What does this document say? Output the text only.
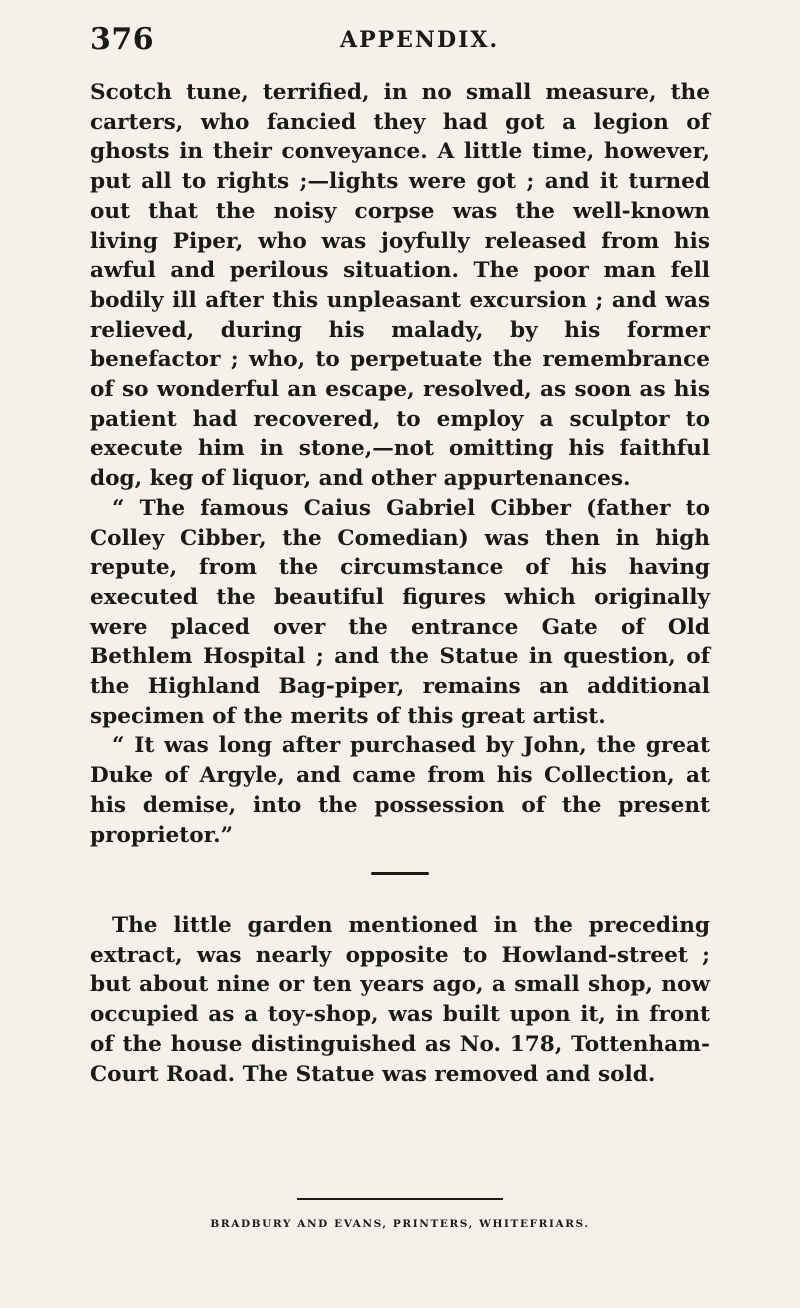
376	APPENDIX.

Scotch tune, terrified, in no small measure, the carters, who fancied they had got a legion of ghosts in their conveyance. A little time, however, put all to rights ;—lights were got ; and it turned out that the noisy corpse was the well-known living Piper, who was joyfully released from his awful and perilous situation. The poor man fell bodily ill after this unpleasant excursion ; and was relieved, during his malady, by his former benefactor ; who, to perpetuate the remembrance of so wonderful an escape, resolved, as soon as his patient had recovered, to employ a sculptor to execute him in stone,—not omitting his faithful dog, keg of liquor, and other appurtenances.

“ The famous Caius Gabriel Cibber (father to Colley Cibber, the Comedian) was then in high repute, from the circumstance of his having executed the beautiful figures which originally were placed over the entrance Gate of Old Bethlem Hospital ; and the Statue in question, of the Highland Bag-piper, remains an additional specimen of the merits of this great artist.

“ It was long after purchased by John, the great Duke of Argyle, and came from his Collection, at his demise, into the possession of the present proprietor.”

The little garden mentioned in the preceding extract, was nearly opposite to Howland-street ; but about nine or ten years ago, a small shop, now occupied as a toy-shop, was built upon it, in front of the house distinguished as No. 178, Tottenham-Court Road. The Statue was removed and sold.

BRADBURY AND EVANS, PRINTERS, WHITEFRIARS.
